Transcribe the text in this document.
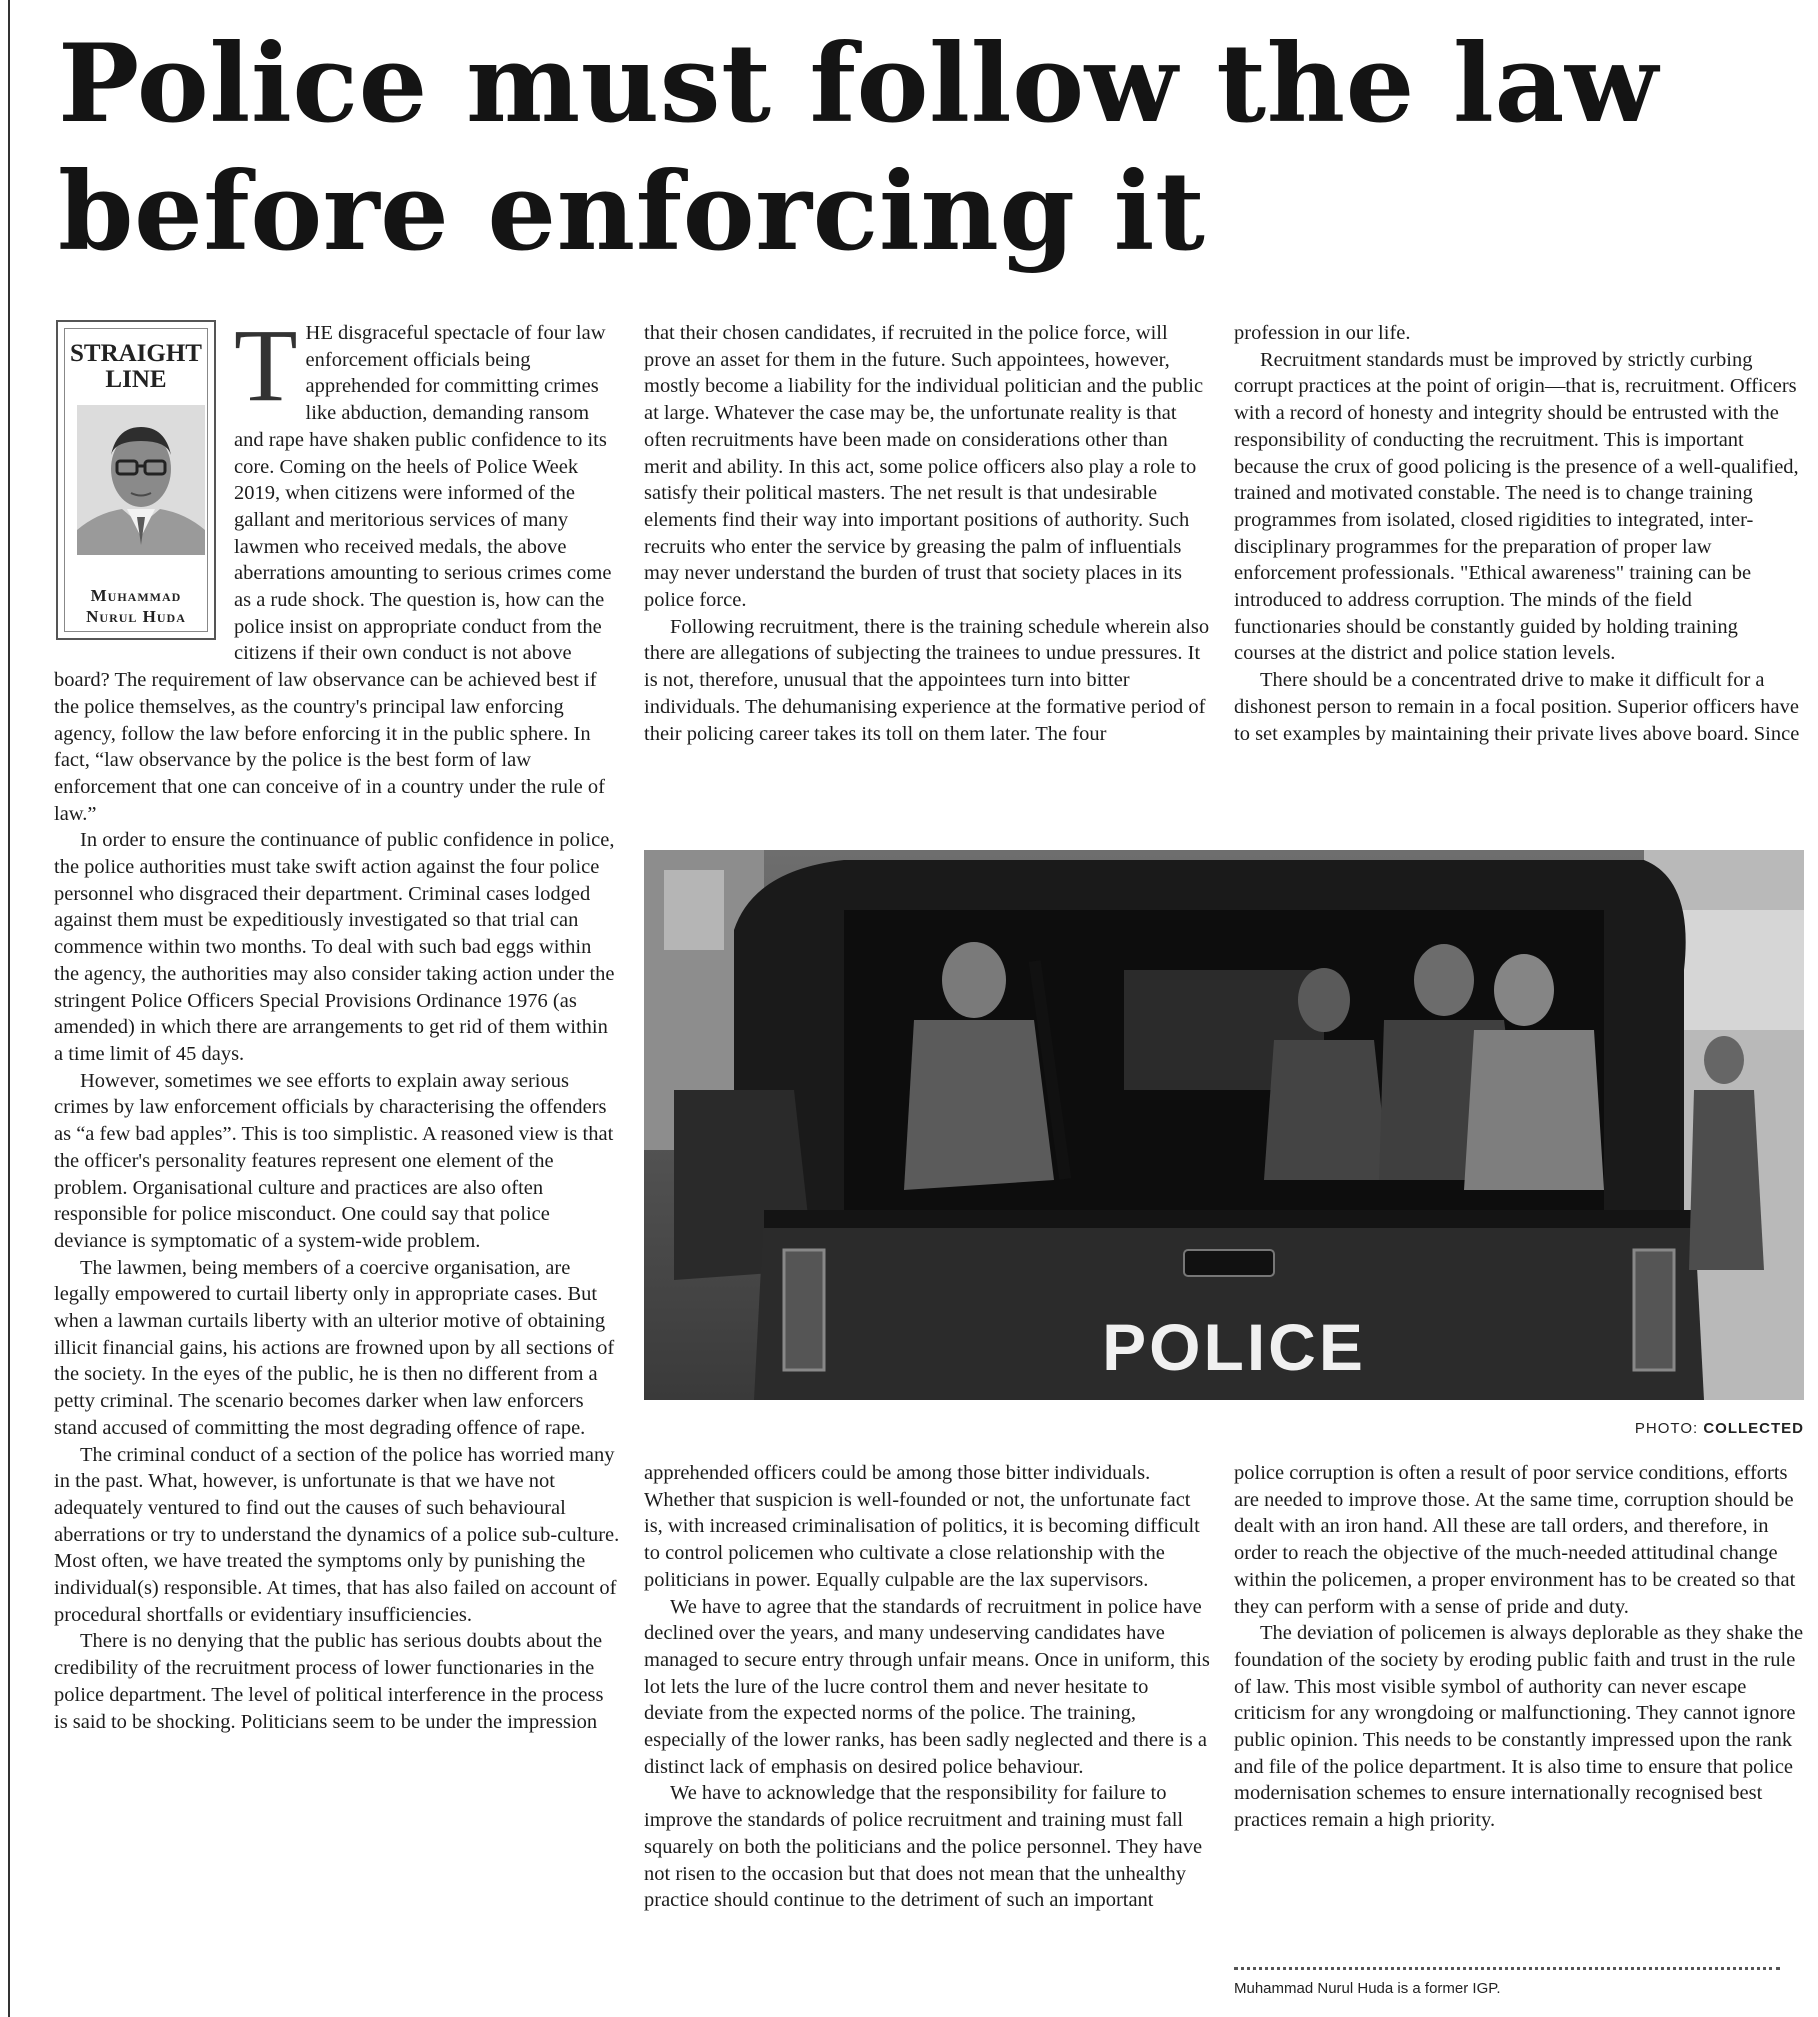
Police must follow the law
before enforcing it
STRAIGHT
LINE
Muhammad
Nurul Huda

THE disgraceful spectacle of four law enforcement officials being apprehended for committing crimes like abduction, demanding ransom and rape have shaken public confidence to its core. Coming on the heels of Police Week 2019, when citizens were informed of the gallant and meritorious services of many lawmen who received medals, the above aberrations amounting to serious crimes come as a rude shock. The question is, how can the police insist on appropriate conduct from the citizens if their own conduct is not above board? The requirement of law observance can be achieved best if the police themselves, as the country's principal law enforcing agency, follow the law before enforcing it in the public sphere. In fact, “law observance by the police is the best form of law enforcement that one can conceive of in a country under the rule of law.”

In order to ensure the continuance of public confidence in police, the police authorities must take swift action against the four police personnel who disgraced their department. Criminal cases lodged against them must be expeditiously investigated so that trial can commence within two months. To deal with such bad eggs within the agency, the authorities may also consider taking action under the stringent Police Officers Special Provisions Ordinance 1976 (as amended) in which there are arrangements to get rid of them within a time limit of 45 days.

However, sometimes we see efforts to explain away serious crimes by law enforcement officials by characterising the offenders as “a few bad apples”. This is too simplistic. A reasoned view is that the officer's personality features represent one element of the problem. Organisational culture and practices are also often responsible for police misconduct. One could say that police deviance is symptomatic of a system-wide problem.

The lawmen, being members of a coercive organisation, are legally empowered to curtail liberty only in appropriate cases. But when a lawman curtails liberty with an ulterior motive of obtaining illicit financial gains, his actions are frowned upon by all sections of the society. In the eyes of the public, he is then no different from a petty criminal. The scenario becomes darker when law enforcers stand accused of committing the most degrading offence of rape.

The criminal conduct of a section of the police has worried many in the past. What, however, is unfortunate is that we have not adequately ventured to find out the causes of such behavioural aberrations or try to understand the dynamics of a police sub-culture. Most often, we have treated the symptoms only by punishing the individual(s) responsible. At times, that has also failed on account of procedural shortfalls or evidentiary insufficiencies.

There is no denying that the public has serious doubts about the credibility of the recruitment process of lower functionaries in the police department. The level of political interference in the process is said to be shocking. Politicians seem to be under the impression

that their chosen candidates, if recruited in the police force, will prove an asset for them in the future. Such appointees, however, mostly become a liability for the individual politician and the public at large. Whatever the case may be, the unfortunate reality is that often recruitments have been made on considerations other than merit and ability. In this act, some police officers also play a role to satisfy their political masters. The net result is that undesirable elements find their way into important positions of authority. Such recruits who enter the service by greasing the palm of influentials may never understand the burden of trust that society places in its police force.

Following recruitment, there is the training schedule wherein also there are allegations of subjecting the trainees to undue pressures. It is not, therefore, unusual that the appointees turn into bitter individuals. The dehumanising experience at the formative period of their policing career takes its toll on them later. The four

profession in our life.

Recruitment standards must be improved by strictly curbing corrupt practices at the point of origin—that is, recruitment. Officers with a record of honesty and integrity should be entrusted with the responsibility of conducting the recruitment. This is important because the crux of good policing is the presence of a well-qualified, trained and motivated constable. The need is to change training programmes from isolated, closed rigidities to integrated, inter-disciplinary programmes for the preparation of proper law enforcement professionals. "Ethical awareness" training can be introduced to address corruption. The minds of the field functionaries should be constantly guided by holding training courses at the district and police station levels.

There should be a concentrated drive to make it difficult for a dishonest person to remain in a focal position. Superior officers have to set examples by maintaining their private lives above board. Since

POLICE
PHOTO: COLLECTED

apprehended officers could be among those bitter individuals. Whether that suspicion is well-founded or not, the unfortunate fact is, with increased criminalisation of politics, it is becoming difficult to control policemen who cultivate a close relationship with the politicians in power. Equally culpable are the lax supervisors.

We have to agree that the standards of recruitment in police have declined over the years, and many undeserving candidates have managed to secure entry through unfair means. Once in uniform, this lot lets the lure of the lucre control them and never hesitate to deviate from the expected norms of the police. The training, especially of the lower ranks, has been sadly neglected and there is a distinct lack of emphasis on desired police behaviour.

We have to acknowledge that the responsibility for failure to improve the standards of police recruitment and training must fall squarely on both the politicians and the police personnel. They have not risen to the occasion but that does not mean that the unhealthy practice should continue to the detriment of such an important

police corruption is often a result of poor service conditions, efforts are needed to improve those. At the same time, corruption should be dealt with an iron hand. All these are tall orders, and therefore, in order to reach the objective of the much-needed attitudinal change within the policemen, a proper environment has to be created so that they can perform with a sense of pride and duty.

The deviation of policemen is always deplorable as they shake the foundation of the society by eroding public faith and trust in the rule of law. This most visible symbol of authority can never escape criticism for any wrongdoing or malfunctioning. They cannot ignore public opinion. This needs to be constantly impressed upon the rank and file of the police department. It is also time to ensure that police modernisation schemes to ensure internationally recognised best practices remain a high priority.

Muhammad Nurul Huda is a former IGP.
